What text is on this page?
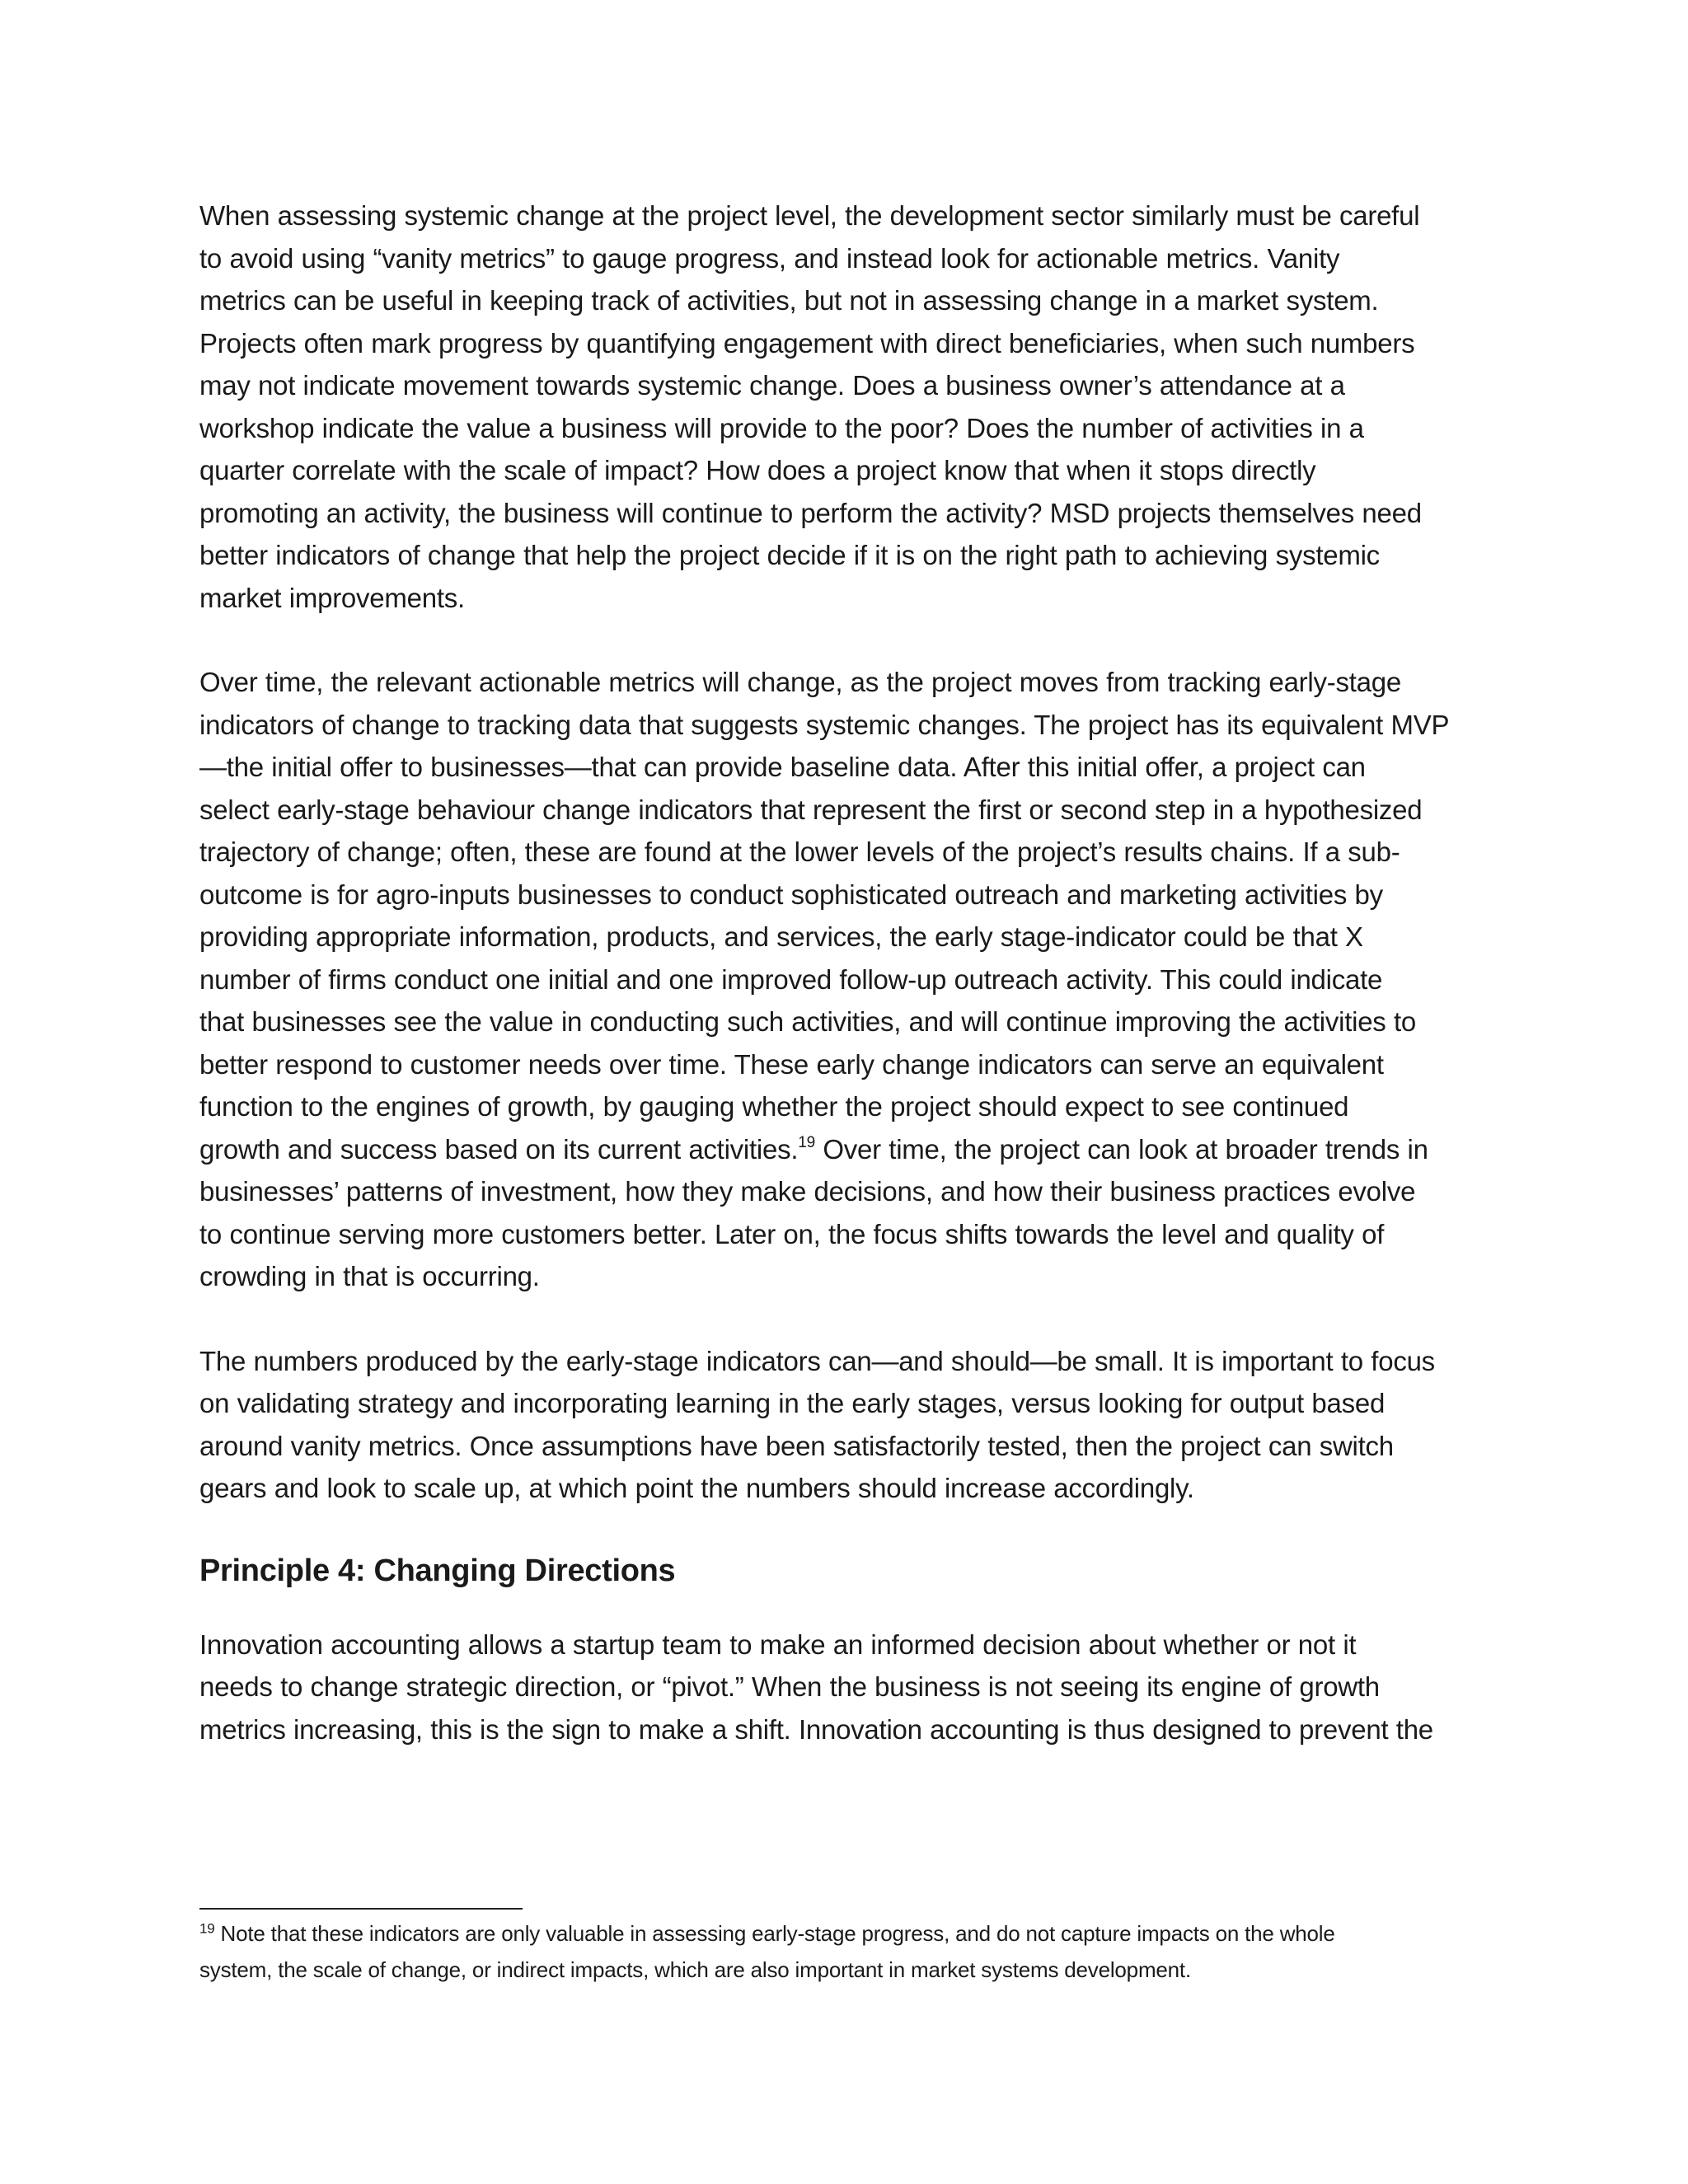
When assessing systemic change at the project level, the development sector similarly must be careful
to avoid using “vanity metrics” to gauge progress, and instead look for actionable metrics. Vanity
metrics can be useful in keeping track of activities, but not in assessing change in a market system.
Projects often mark progress by quantifying engagement with direct beneficiaries, when such numbers
may not indicate movement towards systemic change. Does a business owner’s attendance at a
workshop indicate the value a business will provide to the poor? Does the number of activities in a
quarter correlate with the scale of impact? How does a project know that when it stops directly
promoting an activity, the business will continue to perform the activity? MSD projects themselves need
better indicators of change that help the project decide if it is on the right path to achieving systemic
market improvements.

Over time, the relevant actionable metrics will change, as the project moves from tracking early-stage
indicators of change to tracking data that suggests systemic changes. The project has its equivalent MVP
—the initial offer to businesses—that can provide baseline data. After this initial offer, a project can
select early-stage behaviour change indicators that represent the first or second step in a hypothesized
trajectory of change; often, these are found at the lower levels of the project’s results chains. If a sub-
outcome is for agro-inputs businesses to conduct sophisticated outreach and marketing activities by
providing appropriate information, products, and services, the early stage-indicator could be that X
number of firms conduct one initial and one improved follow-up outreach activity. This could indicate
that businesses see the value in conducting such activities, and will continue improving the activities to
better respond to customer needs over time. These early change indicators can serve an equivalent
function to the engines of growth, by gauging whether the project should expect to see continued
growth and success based on its current activities.$^{19}$ Over time, the project can look at broader trends in
businesses’ patterns of investment, how they make decisions, and how their business practices evolve
to continue serving more customers better. Later on, the focus shifts towards the level and quality of
crowding in that is occurring.

The numbers produced by the early-stage indicators can—and should—be small. It is important to focus
on validating strategy and incorporating learning in the early stages, versus looking for output based
around vanity metrics. Once assumptions have been satisfactorily tested, then the project can switch
gears and look to scale up, at which point the numbers should increase accordingly.

Principle 4: Changing Directions

Innovation accounting allows a startup team to make an informed decision about whether or not it
needs to change strategic direction, or “pivot.” When the business is not seeing its engine of growth
metrics increasing, this is the sign to make a shift. Innovation accounting is thus designed to prevent the

$^{19}$ Note that these indicators are only valuable in assessing early-stage progress, and do not capture impacts on the whole
system, the scale of change, or indirect impacts, which are also important in market systems development.
